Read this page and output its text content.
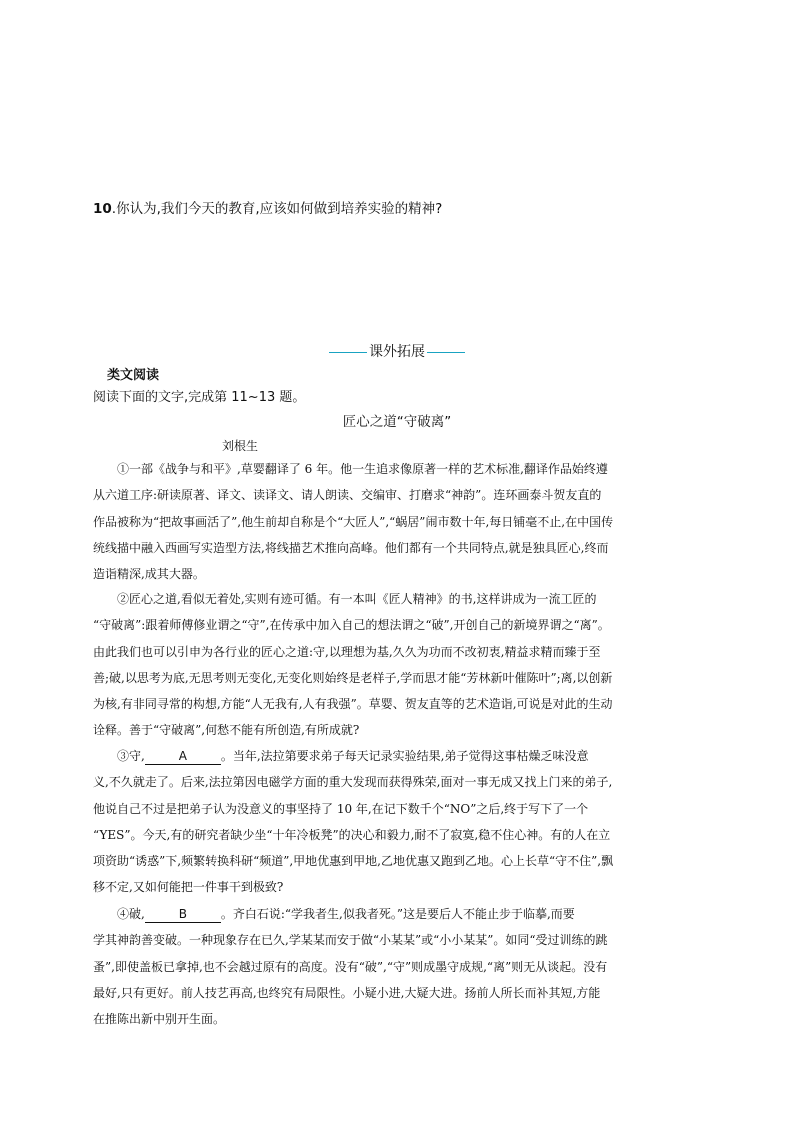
10.你认为,我们今天的教育,应该如何做到培养实验的精神?
课外拓展
类文阅读
阅读下面的文字,完成第 11~13 题。
匠心之道“守破离”
刘根生
①一部《战争与和平》,草婴翻译了 6 年。他一生追求像原著一样的艺术标准,翻译作品始终遵
从六道工序:研读原著、译文、读译文、请人朗读、交编审、打磨求“神韵”。连环画泰斗贺友直的
作品被称为“把故事画活了”,他生前却自称是个“大匠人”,“蜗居”闹市数十年,每日铺毫不止,在中国传
统线描中融入西画写实造型方法,将线描艺术推向高峰。他们都有一个共同特点,就是独具匠心,终而
造诣精深,成其大器。
②匠心之道,看似无着处,实则有迹可循。有一本叫《匠人精神》的书,这样讲成为一流工匠的
“守破离”:跟着师傅修业谓之“守”,在传承中加入自己的想法谓之“破”,开创自己的新境界谓之“离”。
由此我们也可以引申为各行业的匠心之道:守,以理想为基,久久为功而不改初衷,精益求精而臻于至
善;破,以思考为底,无思考则无变化,无变化则始终是老样子,学而思才能“芳林新叶催陈叶”;离,以创新
为核,有非同寻常的构想,方能“人无我有,人有我强”。草婴、贺友直等的艺术造诣,可说是对此的生动
诠释。善于“守破离”,何愁不能有所创造,有所成就?
③守,	A	。当年,法拉第要求弟子每天记录实验结果,弟子觉得这事枯燥乏味没意
义,不久就走了。后来,法拉第因电磁学方面的重大发现而获得殊荣,面对一事无成又找上门来的弟子,
他说自己不过是把弟子认为没意义的事坚持了 10 年,在记下数千个“NO”之后,终于写下了一个
“YES”。今天,有的研究者缺少坐“十年冷板凳”的决心和毅力,耐不了寂寞,稳不住心神。有的人在立
项资助“诱惑”下,频繁转换科研“频道”,甲地优惠到甲地,乙地优惠又跑到乙地。心上长草“守不住”,飘
移不定,又如何能把一件事干到极致?
④破,	B	。齐白石说:“学我者生,似我者死。”这是要后人不能止步于临摹,而要
学其神韵善变破。一种现象存在已久,学某某而安于做“小某某”或“小小某某”。如同“受过训练的跳
蚤”,即使盖板已拿掉,也不会越过原有的高度。没有“破”,“守”则成墨守成规,“离”则无从谈起。没有
最好,只有更好。前人技艺再高,也终究有局限性。小疑小进,大疑大进。扬前人所长而补其短,方能
在推陈出新中别开生面。
